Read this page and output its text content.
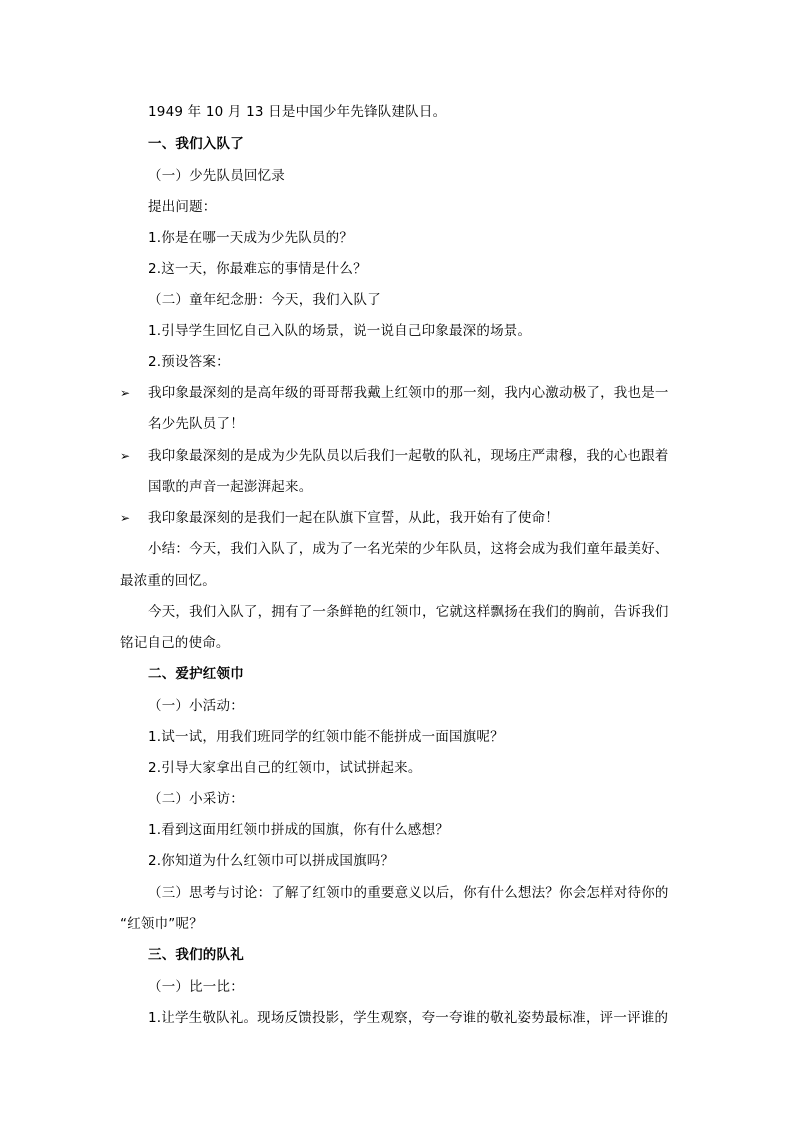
1949 年 10 月 13 日是中国少年先锋队建队日。
一、我们入队了
（一）少先队员回忆录
提出问题：
1.你是在哪一天成为少先队员的？
2.这一天，你最难忘的事情是什么？
（二）童年纪念册：今天，我们入队了
1.引导学生回忆自己入队的场景，说一说自己印象最深的场景。
2.预设答案：
➢ 我印象最深刻的是高年级的哥哥帮我戴上红领巾的那一刻，我内心激动极了，我也是一
名少先队员了！
➢ 我印象最深刻的是成为少先队员以后我们一起敬的队礼，现场庄严肃穆，我的心也跟着
国歌的声音一起澎湃起来。
➢ 我印象最深刻的是我们一起在队旗下宣誓，从此，我开始有了使命！
小结：今天，我们入队了，成为了一名光荣的少年队员，这将会成为我们童年最美好、
最浓重的回忆。
今天，我们入队了，拥有了一条鲜艳的红领巾，它就这样飘扬在我们的胸前，告诉我们
铭记自己的使命。
二、爱护红领巾
（一）小活动：
1.试一试，用我们班同学的红领巾能不能拼成一面国旗呢？
2.引导大家拿出自己的红领巾，试试拼起来。
（二）小采访：
1.看到这面用红领巾拼成的国旗，你有什么感想？
2.你知道为什么红领巾可以拼成国旗吗？
（三）思考与讨论：了解了红领巾的重要意义以后，你有什么想法？你会怎样对待你的
“红领巾”呢？
三、我们的队礼
（一）比一比：
1.让学生敬队礼。现场反馈投影，学生观察，夸一夸谁的敬礼姿势最标准，评一评谁的
